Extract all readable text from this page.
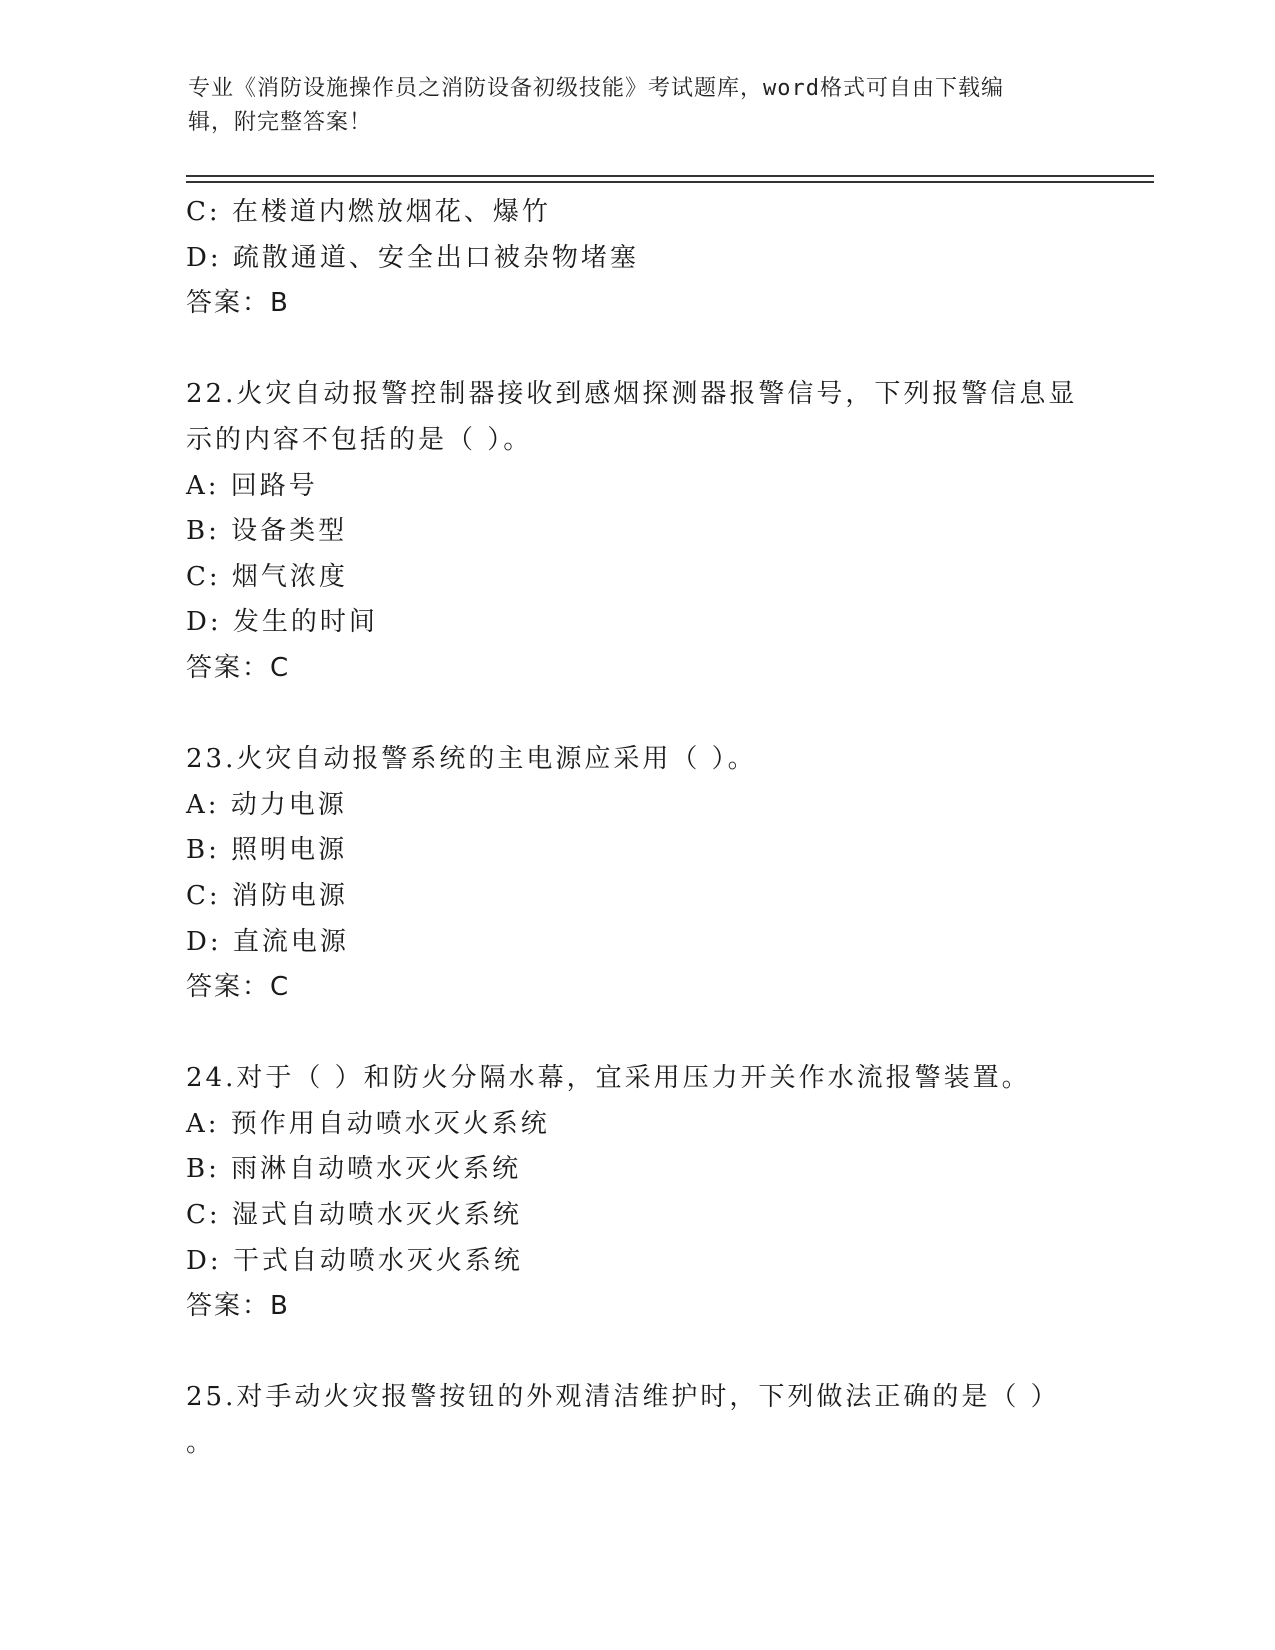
专业《消防设施操作员之消防设备初级技能》考试题库，word格式可自由下载编
辑，附完整答案！
C: 在楼道内燃放烟花、爆竹
D: 疏散通道、安全出口被杂物堵塞
答案：B
22.火灾自动报警控制器接收到感烟探测器报警信号，下列报警信息显
示的内容不包括的是（ ）。
A: 回路号
B: 设备类型
C: 烟气浓度
D: 发生的时间
答案：C
23.火灾自动报警系统的主电源应采用（ ）。
A: 动力电源
B: 照明电源
C: 消防电源
D: 直流电源
答案：C
24.对于（ ）和防火分隔水幕，宜采用压力开关作水流报警装置。
A: 预作用自动喷水灭火系统
B: 雨淋自动喷水灭火系统
C: 湿式自动喷水灭火系统
D: 干式自动喷水灭火系统
答案：B
25.对手动火灾报警按钮的外观清洁维护时，下列做法正确的是（ ）
。
